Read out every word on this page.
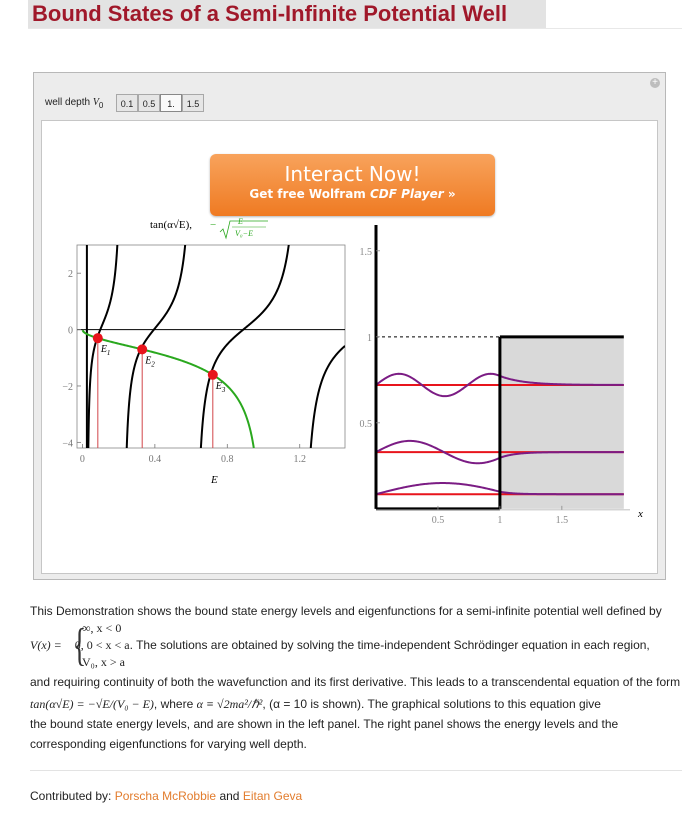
Bound States of a Semi-Infinite Potential Well
+
well depth $V_0$	0.1	0.5	1.	1.5
tan(α√E), −	E
V₀−E
$E_1$
$E_2$
$E_3$
0	0.4	0.8	1.2
2
0
−2
−4
E
0.5	1	1.5
1.5
1
0.5
x
Interact Now!
Get free Wolfram CDF Player »
This Demonstration shows the bound state energy levels and eigenfunctions for a semi-infinite potential well defined by
{
∞, x < 0
V(x) = 0, 0 < x < a. The solutions are obtained by solving the time-independent Schrödinger equation in each region,
V₀, x > a
and requiring continuity of both the wavefunction and its first derivative. This leads to a transcendental equation of the form
tan(α√E) = −√E/(V₀ − E), where α ≡ √2ma²/ℏ², (α = 10 is shown). The graphical solutions to this equation give
the bound state energy levels, and are shown in the left panel. The right panel shows the energy levels and the
corresponding eigenfunctions for varying well depth.
Contributed by: Porscha McRobbie and Eitan Geva
